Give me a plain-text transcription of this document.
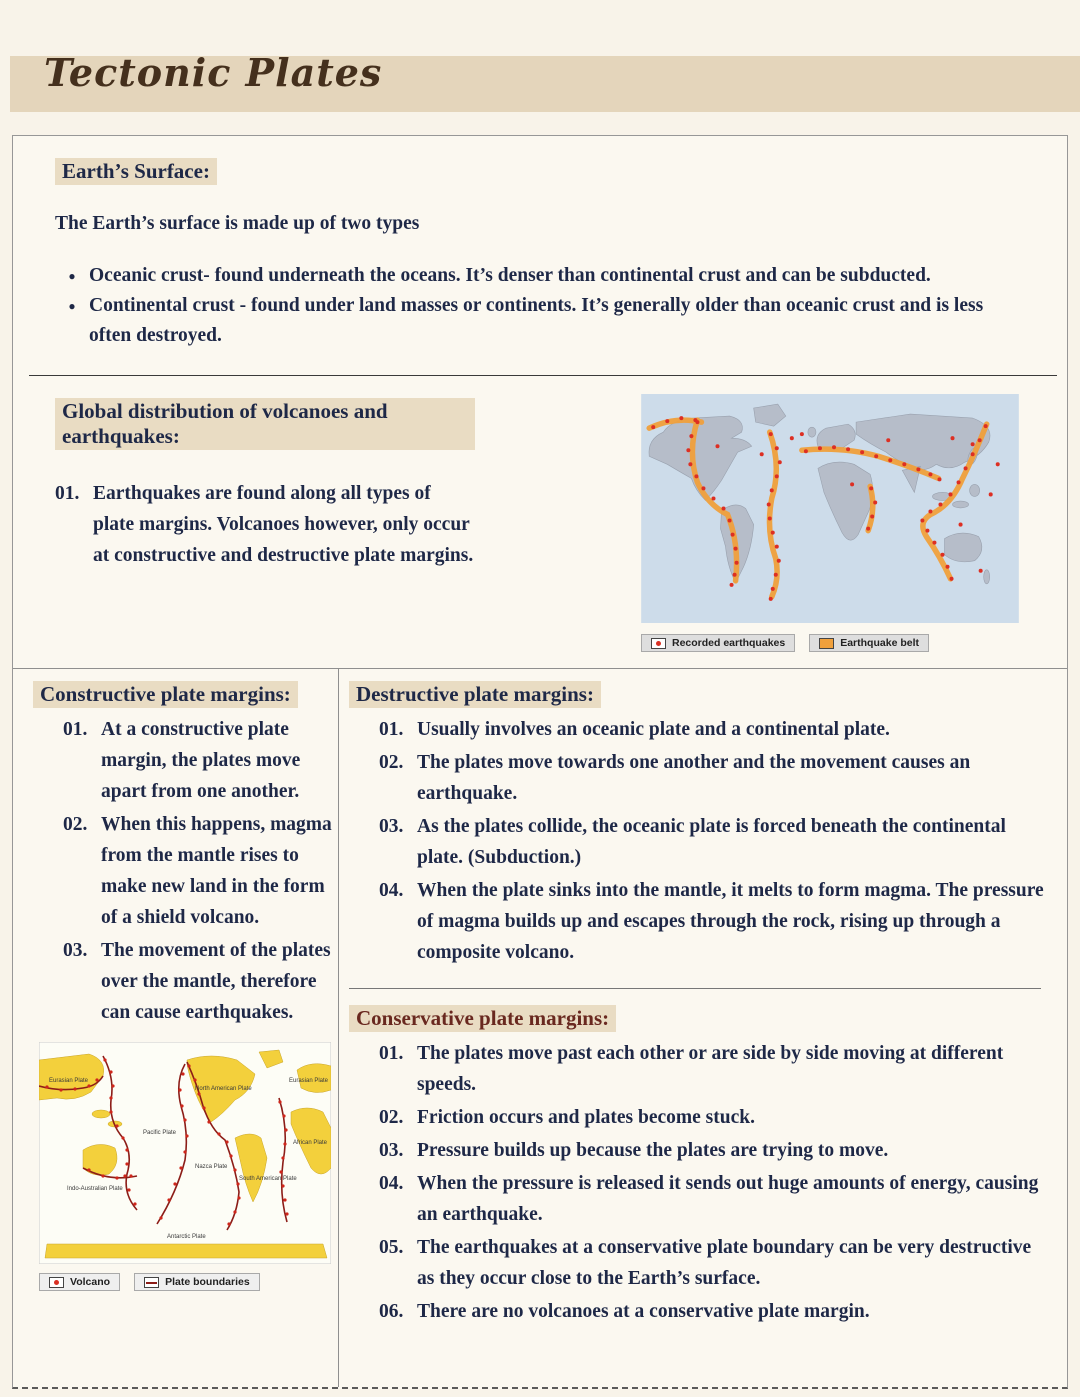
Tectonic Plates
Earth’s Surface:

The Earth’s surface is made up of two types

● Oceanic crust- found underneath the oceans. It’s denser than continental crust and can be subducted.
● Continental crust - found under land masses or continents. It’s generally older than oceanic crust and is less often destroyed.
Global distribution of volcanoes and earthquakes:
01. Earthquakes are found along all types of plate margins. Volcanoes however, only occur at constructive and destructive plate margins.
Recorded earthquakes	Earthquake belt
Constructive plate margins:
01. At a constructive plate margin, the plates move apart from one another.
02. When this happens, magma from the mantle rises to make new land in the form of a shield volcano.
03. The movement of the plates over the mantle, therefore can cause earthquakes.
Eurasian Plate
North American Plate
Pacific Plate
African Plate
Nazca Plate
South American Plate
Indo-Australian Plate
Antarctic Plate
Eurasian Plate
Volcano	Plate boundaries
Destructive plate margins:
01. Usually involves an oceanic plate and a continental plate.
02. The plates move towards one another and the movement causes an earthquake.
03. As the plates collide, the oceanic plate is forced beneath the continental plate. (Subduction.)
04. When the plate sinks into the mantle, it melts to form magma. The pressure of magma builds up and escapes through the rock, rising up through a composite volcano.
Conservative plate margins:
01. The plates move past each other or are side by side moving at different speeds.
02. Friction occurs and plates become stuck.
03. Pressure builds up because the plates are trying to move.
04. When the pressure is released it sends out huge amounts of energy, causing an earthquake.
05. The earthquakes at a conservative plate boundary can be very destructive as they occur close to the Earth’s surface.
06. There are no volcanoes at a conservative plate margin.
